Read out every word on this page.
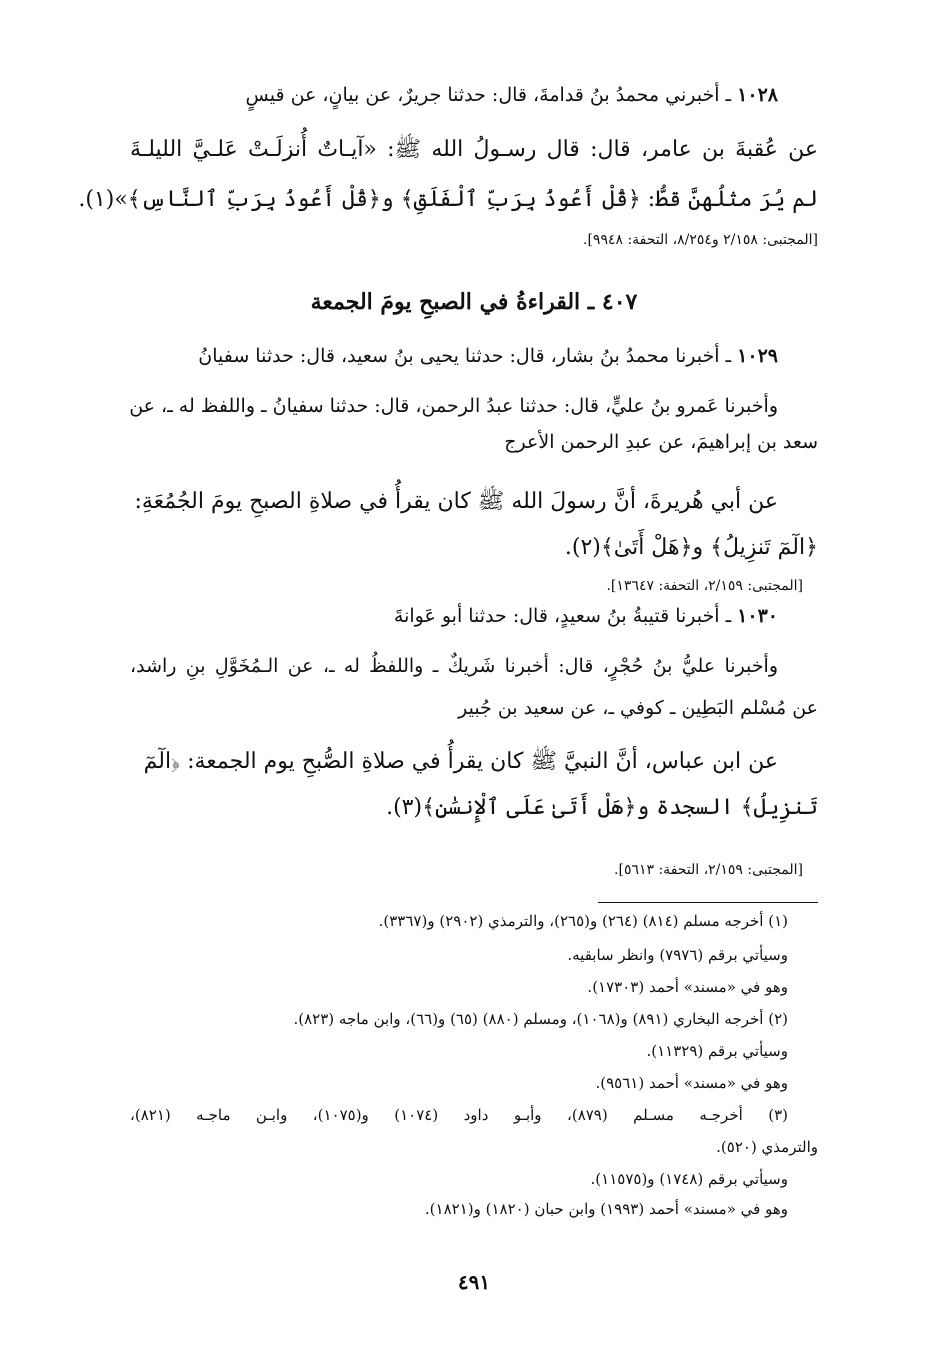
١٠٢٨ ـ أخبرني محمدُ بنُ قدامةَ، قال: حدثنا جريرٌ، عن بيانٍ، عن قيسٍ
عن عُقبةَ بن عامر، قال: قال رسـولُ الله ﷺ: «آيـاتٌ أُنزلَـتْ عَلـيَّ الليلـةَ
لم يُرَ مثلُهنَّ قطُّ: ﴿قُلْ أَعُوذُ بِرَبِّ ٱلْفَلَقِ﴾ و﴿قُلْ أَعُوذُ بِرَبِّ ٱلنَّاسِ﴾»(١).
[المجتبى: ٢/١٥٨ و٨/٢٥٤، التحفة: ٩٩٤٨].
٤٠٧ ـ القراءةُ في الصبحِ يومَ الجمعة
١٠٢٩ ـ أخبرنا محمدُ بنُ بشار، قال: حدثنا يحيى بنُ سعيد، قال: حدثنا سفيانُ
وأخبرنا عَمرو بنُ عليٍّ، قال: حدثنا عبدُ الرحمن، قال: حدثنا سفيانُ ـ واللفظ له ـ، عن
سعد بن إبراهيمَ، عن عبدِ الرحمن الأعرج
عن أبي هُريرةَ، أنَّ رسولَ الله ﷺ كان يقرأُ في صلاةِ الصبحِ يومَ الجُمُعَةِ:
﴿الٓمٓ تَنزِيلُ﴾ و﴿هَلْ أَتَىٰ﴾(٢).
[المجتبى: ٢/١٥٩، التحفة: ١٣٦٤٧].
١٠٣٠ ـ أخبرنا قتيبةُ بنُ سعيدٍ، قال: حدثنا أبو عَوانةَ
وأخبرنا عليُّ بنُ حُجْرٍ، قال: أخبرنا شَريكٌ ـ واللفظُ له ـ، عن الـمُخَوَّلِ بنِ راشد،
عن مُسْلم البَطِين ـ كوفي ـ، عن سعيد بن جُبير
عن ابن عباس، أنَّ النبيَّ ﷺ كان يقرأُ في صلاةِ الصُّبحِ يوم الجمعة: ﴿الٓمٓ
تَنزِيلُ﴾ السجدة و﴿هَلْ أَتَىٰ عَلَى ٱلْإِنسَٰنِ﴾(٣).
[المجتبى: ٢/١٥٩، التحفة: ٥٦١٣].
(١) أخرجه مسلم (٨١٤) (٢٦٤) و(٢٦٥)، والترمذي (٢٩٠٢) و(٣٣٦٧).
وسيأتي برقم (٧٩٧٦) وانظر سابقيه.
وهو في «مسند» أحمد (١٧٣٠٣).
(٢) أخرجه البخاري (٨٩١) و(١٠٦٨)، ومسلم (٨٨٠) (٦٥) و(٦٦)، وابن ماجه (٨٢٣).
وسيأتي برقم (١١٣٢٩).
وهو في «مسند» أحمد (٩٥٦١).
(٣) أخرجـه مسـلم (٨٧٩)، وأبـو داود (١٠٧٤) و(١٠٧٥)، وابـن ماجـه (٨٢١)،
والترمذي (٥٢٠).
وسيأتي برقم (١٧٤٨) و(١١٥٧٥).
وهو في «مسند» أحمد (١٩٩٣) وابن حبان (١٨٢٠) و(١٨٢١).
٤٩١
